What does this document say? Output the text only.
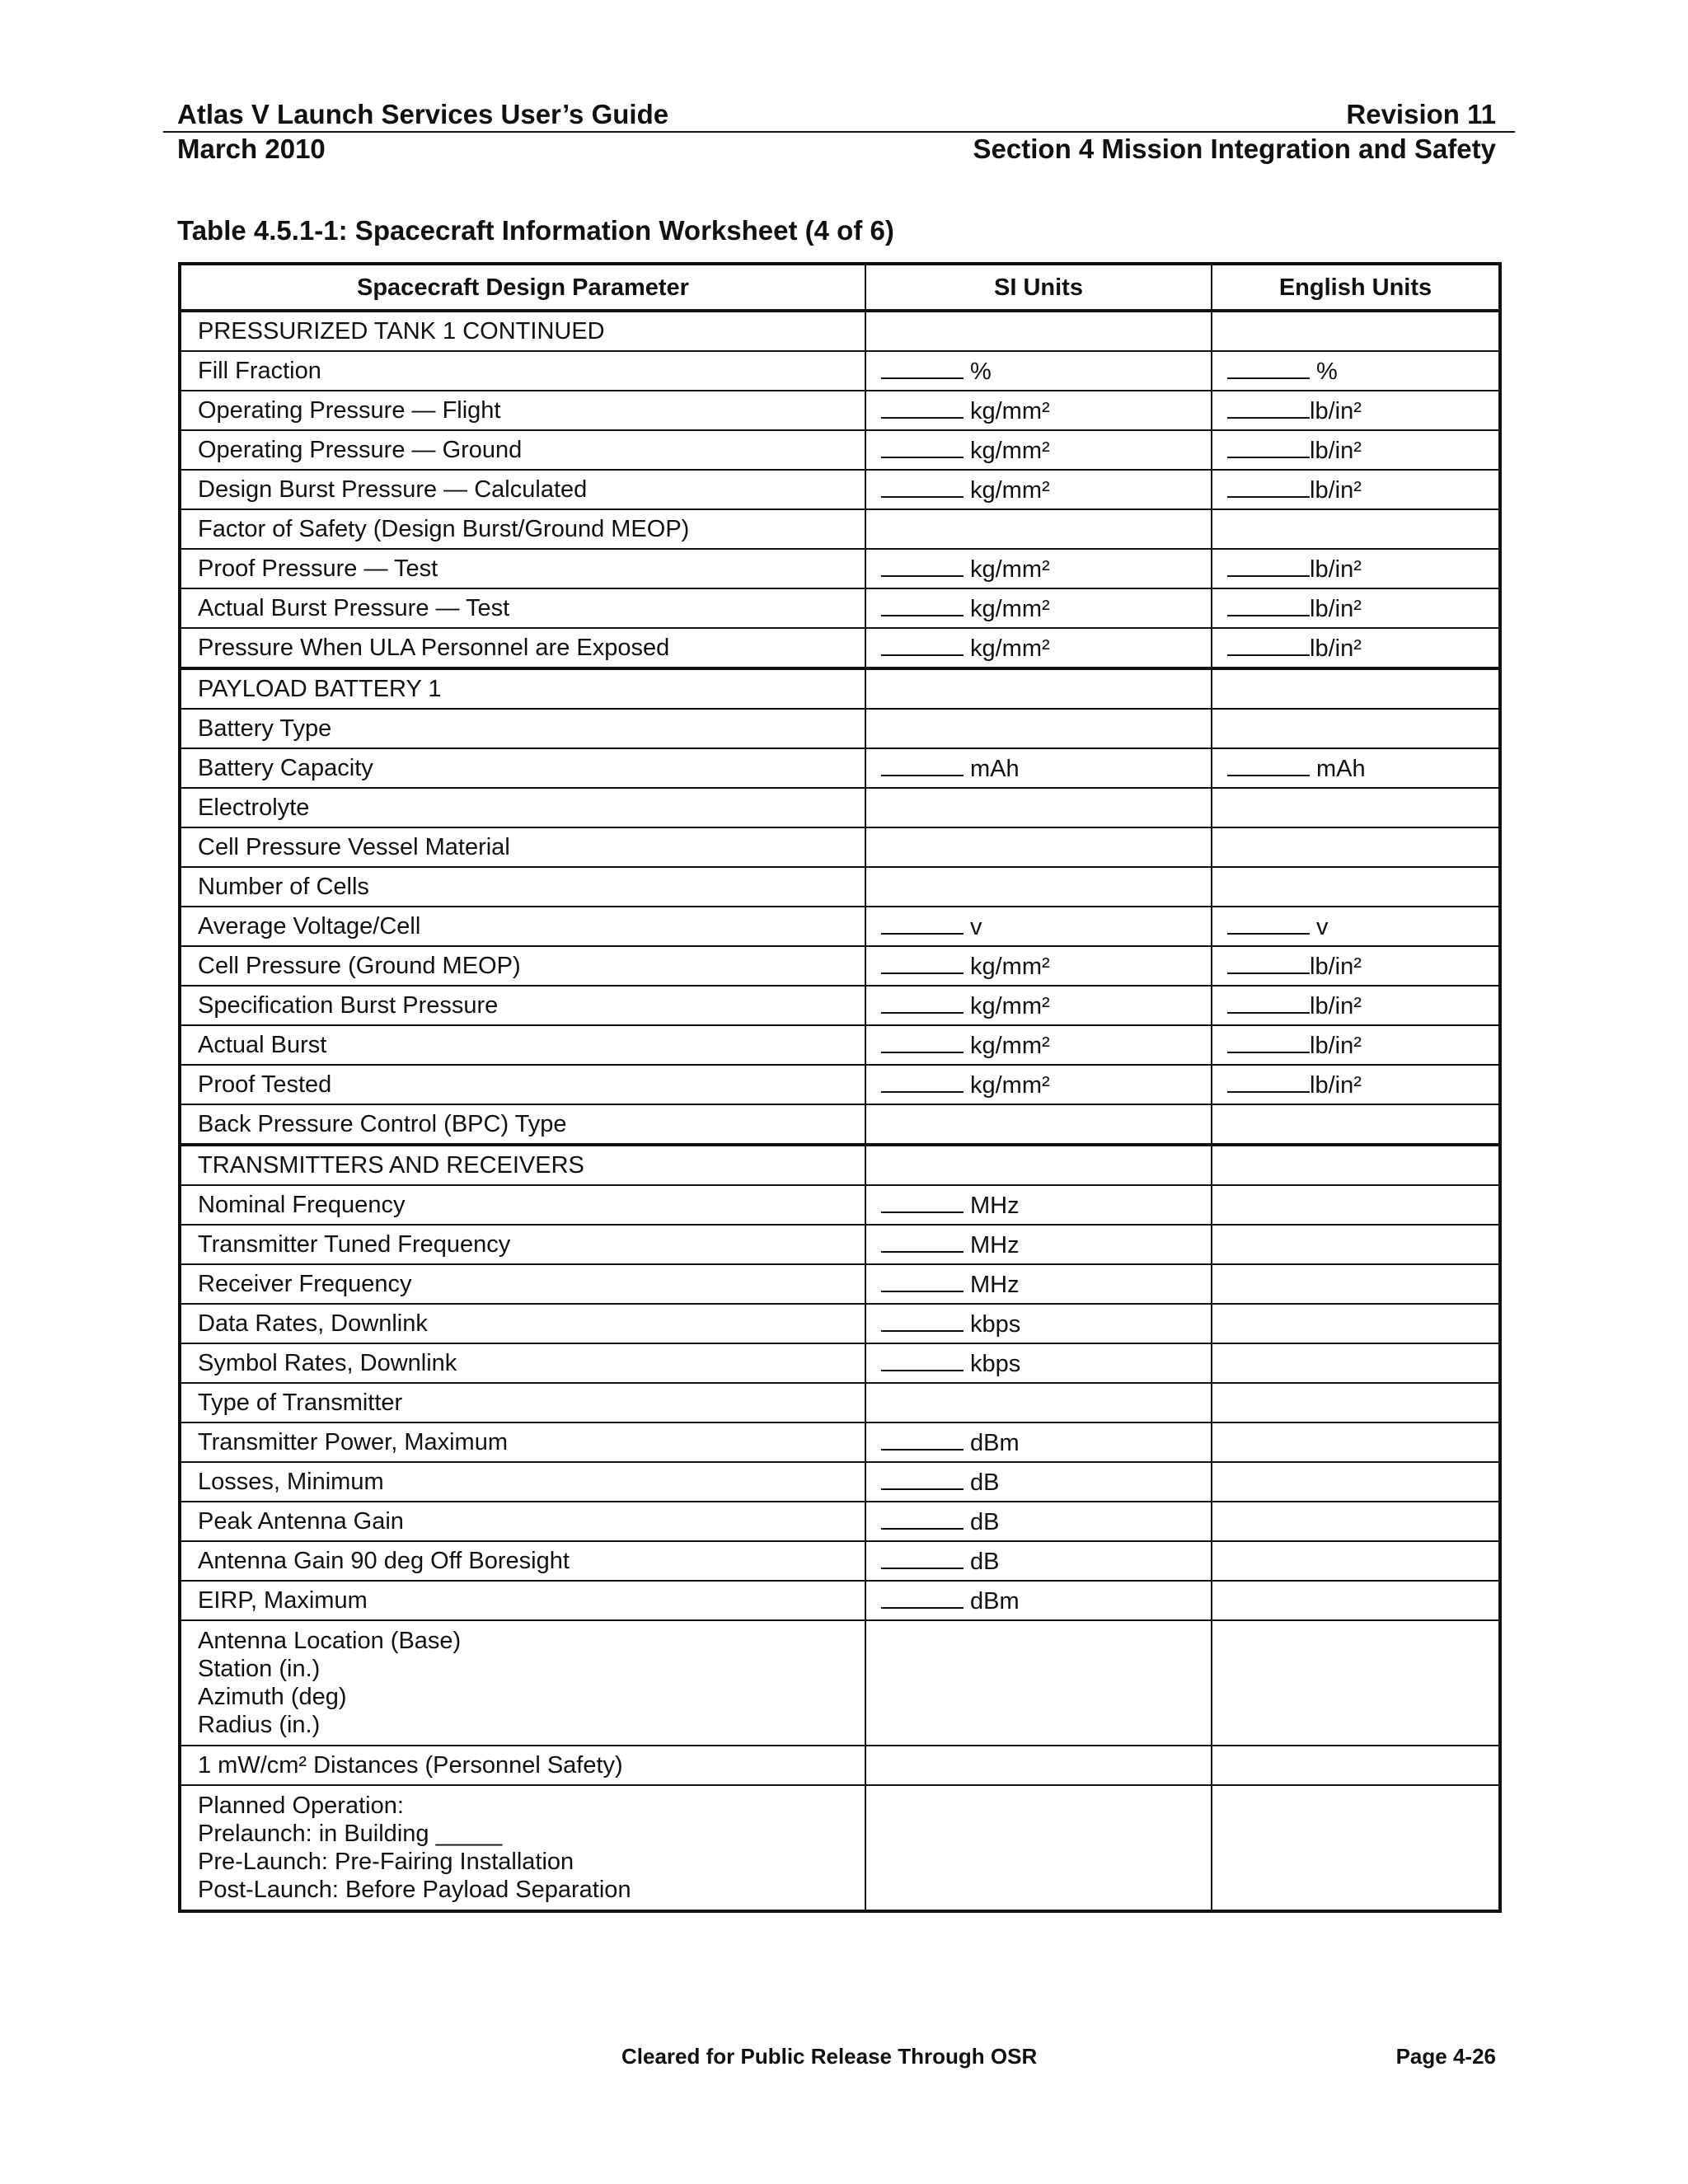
Atlas V Launch Services User’s Guide	Revision 11
March 2010	Section 4 Mission Integration and Safety
Table 4.5.1-1: Spacecraft Information Worksheet (4 of 6)
Spacecraft Design Parameter	SI Units	English Units
PRESSURIZED TANK 1 CONTINUED		
Fill Fraction	%	%
Operating Pressure — Flight	kg/mm²	lb/in²
Operating Pressure — Ground	kg/mm²	lb/in²
Design Burst Pressure — Calculated	kg/mm²	lb/in²
Factor of Safety (Design Burst/Ground MEOP)		
Proof Pressure — Test	kg/mm²	lb/in²
Actual Burst Pressure — Test	kg/mm²	lb/in²
Pressure When ULA Personnel are Exposed	kg/mm²	lb/in²
PAYLOAD BATTERY 1		
Battery Type		
Battery Capacity	mAh	mAh
Electrolyte		
Cell Pressure Vessel Material		
Number of Cells		
Average Voltage/Cell	v	v
Cell Pressure (Ground MEOP)	kg/mm²	lb/in²
Specification Burst Pressure	kg/mm²	lb/in²
Actual Burst	kg/mm²	lb/in²
Proof Tested	kg/mm²	lb/in²
Back Pressure Control (BPC) Type		
TRANSMITTERS AND RECEIVERS		
Nominal Frequency	MHz	
Transmitter Tuned Frequency	MHz	
Receiver Frequency	MHz	
Data Rates, Downlink	kbps	
Symbol Rates, Downlink	kbps	
Type of Transmitter		
Transmitter Power, Maximum	dBm	
Losses, Minimum	dB	
Peak Antenna Gain	dB	
Antenna Gain 90 deg Off Boresight	dB	
EIRP, Maximum	dBm	
Antenna Location (Base)
Station (in.)
Azimuth (deg)
Radius (in.)		
1 mW/cm² Distances (Personnel Safety)		
Planned Operation:
Prelaunch: in Building _____
Pre-Launch: Pre-Fairing Installation
Post-Launch: Before Payload Separation		
Cleared for Public Release Through OSR	Page 4-26
